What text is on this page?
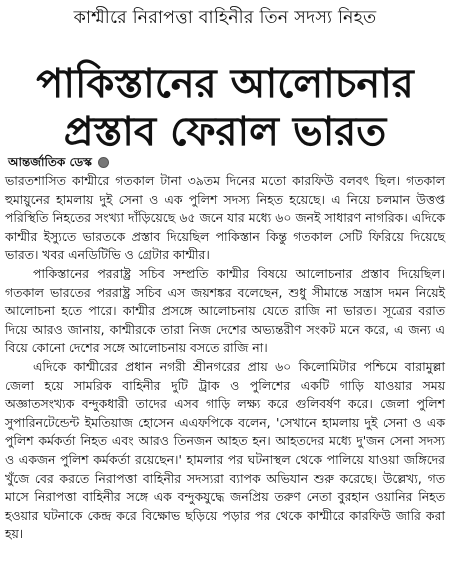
কাশ্মীরে নিরাপত্তা বাহিনীর তিন সদস্য নিহত
পাকিস্তানের আলোচনার
প্রস্তাব ফেরাল ভারত
আন্তর্জাতিক ডেস্ক

ভারতশাসিত কাশ্মীরে গতকাল টানা ৩৯তম দিনের মতো কারফিউ বলবৎ ছিল। গতকাল হুমায়ুনের হামলায় দুই সেনা ও এক পুলিশ সদস্য নিহত হয়েছে। এ নিয়ে চলমান উত্তপ্ত পরিস্থিতি নিহতের সংখ্যা দাঁড়িয়েছে ৬৫ জনে যার মধ্যে ৬০ জনই সাধারণ নাগরিক। এদিকে কাশ্মীর ইস্যুতে ভারতকে প্রস্তাব দিয়েছিল পাকিস্তান কিন্তু গতকাল সেটি ফিরিয়ে দিয়েছে ভারত। খবর এনডিটিভি ও গ্রেটার কাশ্মীর।

পাকিস্তানের পররাষ্ট্র সচিব সম্প্রতি কাশ্মীর বিষয়ে আলোচনার প্রস্তাব দিয়েছিল। গতকাল ভারতের পররাষ্ট্র সচিব এস জয়শঙ্কর বলেছেন, শুধু সীমান্তে সন্ত্রাস দমন নিয়েই আলোচনা হতে পারে। কাশ্মীর প্রসঙ্গে আলোচনায় যেতে রাজি না ভারত। সূত্রের বরাত দিয়ে আরও জানায়, কাশ্মীরকে তারা নিজ দেশের অভ্যন্তরীণ সংকট মনে করে, এ জন্য এ বিয়ে কোনো দেশের সঙ্গে আলোচনায় বসতে রাজি না।

এদিকে কাশ্মীরের প্রধান নগরী শ্রীনগরের প্রায় ৬০ কিলোমিটার পশ্চিমে বারামুল্লা জেলা হয়ে সামরিক বাহিনীর দুটি ট্রাক ও পুলিশের একটি গাড়ি যাওয়ার সময় অজ্ঞাতসংখ্যক বন্দুকধারী তাদের এসব গাড়ি লক্ষ্য করে গুলিবর্ষণ করে। জেলা পুলিশ সুপারিনটেন্ডেন্ট ইমতিয়াজ হোসেন এএফপিকে বলেন, 'সেখানে হামলায় দুই সেনা ও এক পুলিশ কর্মকর্তা নিহত এবং আরও তিনজন আহত হন। আহতদের মধ্যে দু'জন সেনা সদস্য ও একজন পুলিশ কর্মকর্তা রয়েছেন।' হামলার পর ঘটনাস্থল থেকে পালিয়ে যাওয়া জঙ্গিদের খুঁজে বের করতে নিরাপত্তা বাহিনীর সদস্যরা ব্যাপক অভিযান শুরু করেছে। উল্লেখ্য, গত মাসে নিরাপত্তা বাহিনীর সঙ্গে এক বন্দুকযুদ্ধে জনপ্রিয় তরুণ নেতা বুরহান ওয়ানির নিহত হওয়ার ঘটনাকে কেন্দ্র করে বিক্ষোভ ছড়িয়ে পড়ার পর থেকে কাশ্মীরে কারফিউ জারি করা হয়।
